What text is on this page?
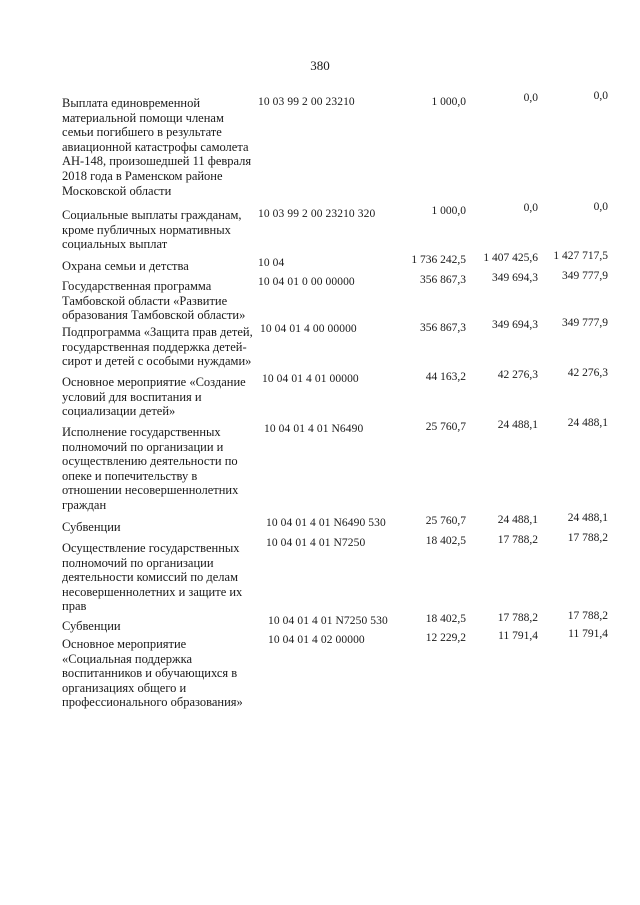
380
Выплата единовременной материальной помощи членам семьи погибшего в результате авиационной катастрофы самолета АН-148, произошедшей 11 февраля 2018 года в Раменском районе Московской области
10 03 99 2 00 23210	1 000,0	0,0	0,0
Социальные выплаты гражданам, кроме публичных нормативных социальных выплат
10 03 99 2 00 23210 320	1 000,0	0,0	0,0
Охрана семьи и детства	10 04	1 736 242,5	1 407 425,6	1 427 717,5
Государственная программа Тамбовской области «Развитие образования Тамбовской области»
10 04 01 0 00 00000	356 867,3	349 694,3	349 777,9
Подпрограмма «Защита прав детей, государственная поддержка детей-сирот и детей с особыми нуждами»
10 04 01 4 00 00000	356 867,3	349 694,3	349 777,9
Основное мероприятие «Создание условий для воспитания и социализации детей»
10 04 01 4 01 00000	44 163,2	42 276,3	42 276,3
Исполнение государственных полномочий по организации и осуществлению деятельности по опеке и попечительству в отношении несовершеннолетних граждан
10 04 01 4 01 N6490	25 760,7	24 488,1	24 488,1
Субвенции	10 04 01 4 01 N6490 530	25 760,7	24 488,1	24 488,1
Осуществление государственных полномочий по организации деятельности комиссий по делам несовершеннолетних и защите их прав
10 04 01 4 01 N7250	18 402,5	17 788,2	17 788,2
Субвенции	10 04 01 4 01 N7250 530	18 402,5	17 788,2	17 788,2
Основное мероприятие «Социальная поддержка воспитанников и обучающихся в организациях общего и профессионального образования»
10 04 01 4 02 00000	12 229,2	11 791,4	11 791,4
